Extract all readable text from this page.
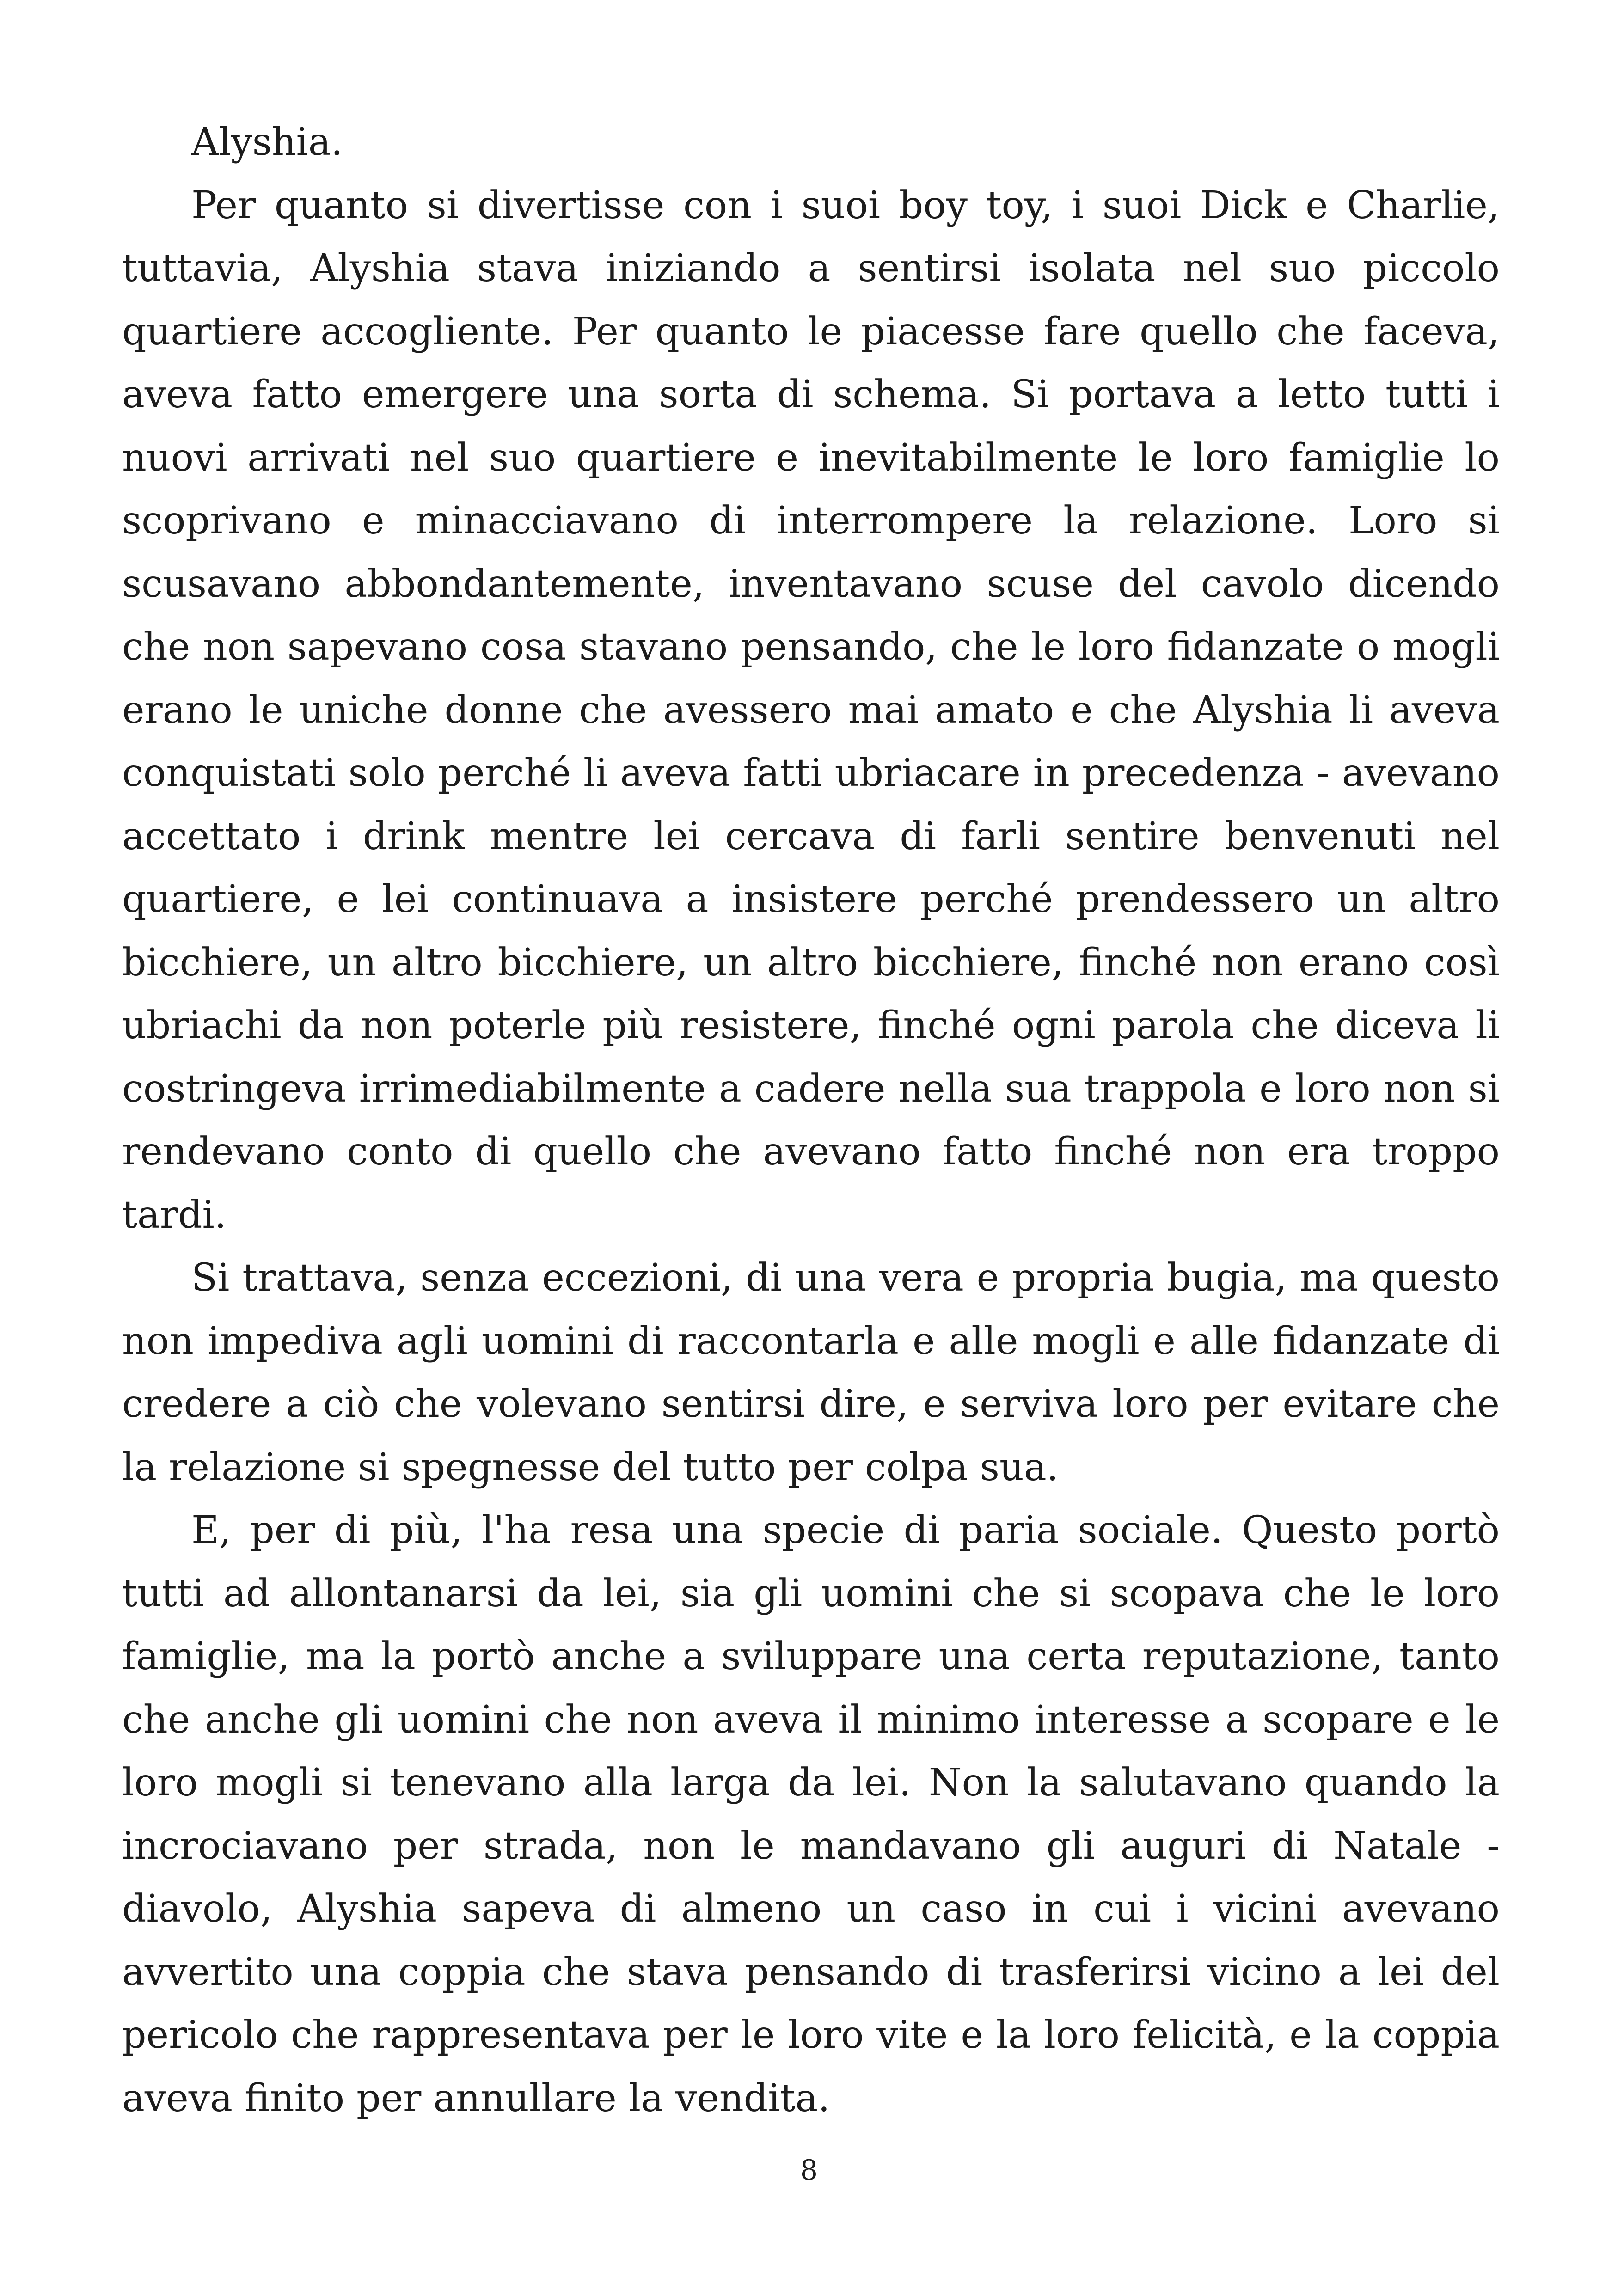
Alyshia.

Per quanto si divertisse con i suoi boy toy, i suoi Dick e Charlie, tuttavia, Alyshia stava iniziando a sentirsi isolata nel suo piccolo quartiere accogliente. Per quanto le piacesse fare quello che faceva, aveva fatto emergere una sorta di schema. Si portava a letto tutti i nuovi arrivati nel suo quartiere e inevitabilmente le loro famiglie lo scoprivano e minacciavano di interrompere la relazione. Loro si scusavano abbondantemente, inventavano scuse del cavolo dicendo che non sapevano cosa stavano pensando, che le loro fidanzate o mogli erano le uniche donne che avessero mai amato e che Alyshia li aveva conquistati solo perché li aveva fatti ubriacare in precedenza - avevano accettato i drink mentre lei cercava di farli sentire benvenuti nel quartiere, e lei continuava a insistere perché prendessero un altro bicchiere, un altro bicchiere, un altro bicchiere, finché non erano così ubriachi da non poterle più resistere, finché ogni parola che diceva li costringeva irrimediabilmente a cadere nella sua trappola e loro non si rendevano conto di quello che avevano fatto finché non era troppo tardi.

Si trattava, senza eccezioni, di una vera e propria bugia, ma questo non impediva agli uomini di raccontarla e alle mogli e alle fidanzate di credere a ciò che volevano sentirsi dire, e serviva loro per evitare che la relazione si spegnesse del tutto per colpa sua.

E, per di più, l'ha resa una specie di paria sociale. Questo portò tutti ad allontanarsi da lei, sia gli uomini che si scopava che le loro famiglie, ma la portò anche a sviluppare una certa reputazione, tanto che anche gli uomini che non aveva il minimo interesse a scopare e le loro mogli si tenevano alla larga da lei. Non la salutavano quando la incrociavano per strada, non le mandavano gli auguri di Natale - diavolo, Alyshia sapeva di almeno un caso in cui i vicini avevano avvertito una coppia che stava pensando di trasferirsi vicino a lei del pericolo che rappresentava per le loro vite e la loro felicità, e la coppia aveva finito per annullare la vendita.

8
